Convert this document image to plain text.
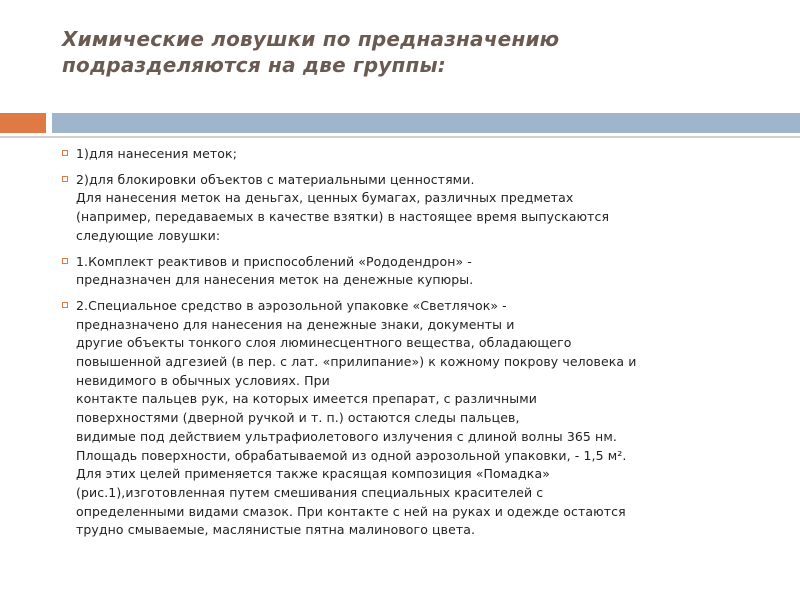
Химические ловушки по предназначению
подразделяются на две группы:
1)для нанесения меток;
2)для блокировки объектов с материальными ценностями.
Для нанесения меток на деньгах, ценных бумагах, различных предметах
(например, передаваемых в качестве взятки) в настоящее время выпускаются
следующие ловушки:
1.Комплект реактивов и приспособлений «Рододендрон» -
предназначен для нанесения меток на денежные купюры.
2.Специальное средство в аэрозольной упаковке «Светлячок» -
предназначено для нанесения на денежные знаки, документы и
другие объекты тонкого слоя люминесцентного вещества, обладающего
повышенной адгезией (в пер. с лат. «прилипание») к кожному покрову человека и
невидимого в обычных условиях. При
контакте пальцев рук, на которых имеется препарат, с различными
поверхностями (дверной ручкой и т. п.) остаются следы пальцев,
видимые под действием ультрафиолетового излучения с длиной волны 365 нм.
Площадь поверхности, обрабатываемой из одной аэрозольной упаковки, - 1,5 м².
Для этих целей применяется также красящая композиция «Помадка»
(рис.1),изготовленная путем смешивания специальных красителей с
определенными видами смазок. При контакте с ней на руках и одежде остаются
трудно смываемые, маслянистые пятна малинового цвета.
